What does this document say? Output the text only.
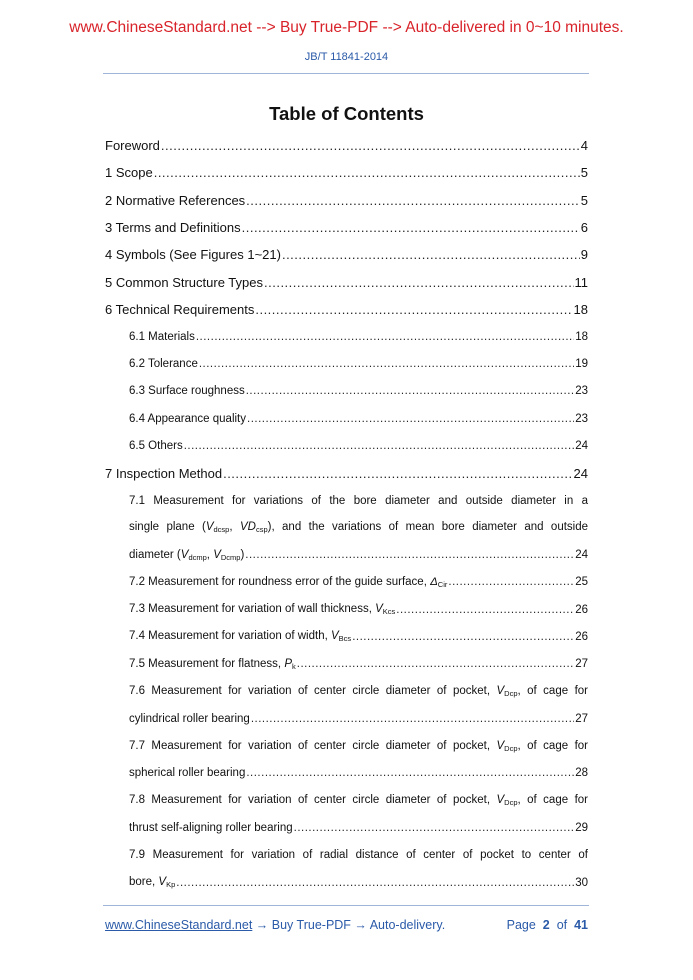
www.ChineseStandard.net --> Buy True-PDF --> Auto-delivered in 0~10 minutes.
JB/T 11841-2014
Table of Contents
Foreword .....	4
1 Scope .....	5
2 Normative References .....	5
3 Terms and Definitions .....	6
4 Symbols (See Figures 1~21) .....	9
5 Common Structure Types .....	11
6 Technical Requirements .....	18
6.1 Materials .....	18
6.2 Tolerance .....	19
6.3 Surface roughness .....	23
6.4 Appearance quality .....	23
6.5 Others .....	24
7 Inspection Method .....	24
7.1 Measurement for variations of the bore diameter and outside diameter in a
single plane ($V_{dcsp}$, $VD_{csp}$), and the variations of mean bore diameter and outside
diameter ($V_{dcmp}$, $V_{Dcmp}$) .....	24
7.2 Measurement for roundness error of the guide surface, $\Delta_{Cir}$ .....	25
7.3 Measurement for variation of wall thickness, $V_{Kcs}$ .....	26
7.4 Measurement for variation of width, $V_{Bcs}$ .....	26
7.5 Measurement for flatness, $P_k$ .....	27
7.6 Measurement for variation of center circle diameter of pocket, $V_{Dcp}$, of cage for
cylindrical roller bearing .....	27
7.7 Measurement for variation of center circle diameter of pocket, $V_{Dcp}$, of cage for
spherical roller bearing .....	28
7.8 Measurement for variation of center circle diameter of pocket, $V_{Dcp}$, of cage for
thrust self-aligning roller bearing .....	29
7.9 Measurement for variation of radial distance of center of pocket to center of
bore, $V_{Kp}$ .....	30
www.ChineseStandard.net → Buy True-PDF → Auto-delivery.	Page 2 of 41
